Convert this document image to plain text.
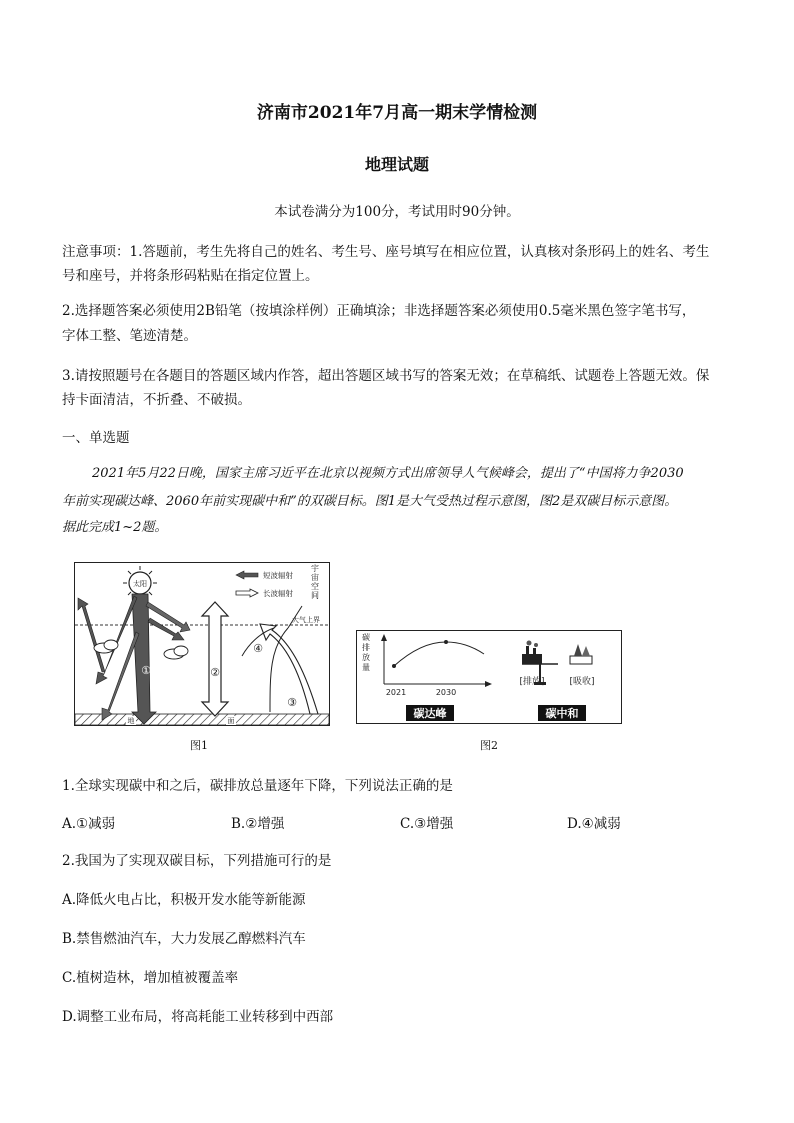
济南市2021年7月高一期末学情检测
地理试题
本试卷满分为100分，考试用时90分钟。
注意事项：1.答题前，考生先将自己的姓名、考生号、座号填写在相应位置，认真核对条形码上的姓名、考生
号和座号，并将条形码粘贴在指定位置上。
2.选择题答案必须使用2B铅笔（按填涂样例）正确填涂；非选择题答案必须使用0.5毫米黑色签字笔书写，
字体工整、笔迹清楚。
3.请按照题号在各题目的答题区域内作答，超出答题区域书写的答案无效；在草稿纸、试题卷上答题无效。保
持卡面清洁，不折叠、不破损。
一、单选题
2021年5月22日晚，国家主席习近平在北京以视频方式出席领导人气候峰会，提出了“中国将力争2030
年前实现碳达峰、2060年前实现碳中和”的双碳目标。图1是大气受热过程示意图，图2是双碳目标示意图。
据此完成1~2题。
短波辐射
长波辐射
太阳
宇宙空间
大气上界
地	面
①	②
③
④
图1
碳排放量
2021	2030
碳达峰	碳中和
[排放]	[吸收]
图2
1.全球实现碳中和之后，碳排放总量逐年下降，下列说法正确的是
A.①减弱	B.②增强	C.③增强	D.④减弱
2.我国为了实现双碳目标，下列措施可行的是
A.降低火电占比，积极开发水能等新能源
B.禁售燃油汽车，大力发展乙醇燃料汽车
C.植树造林，增加植被覆盖率
D.调整工业布局，将高耗能工业转移到中西部
